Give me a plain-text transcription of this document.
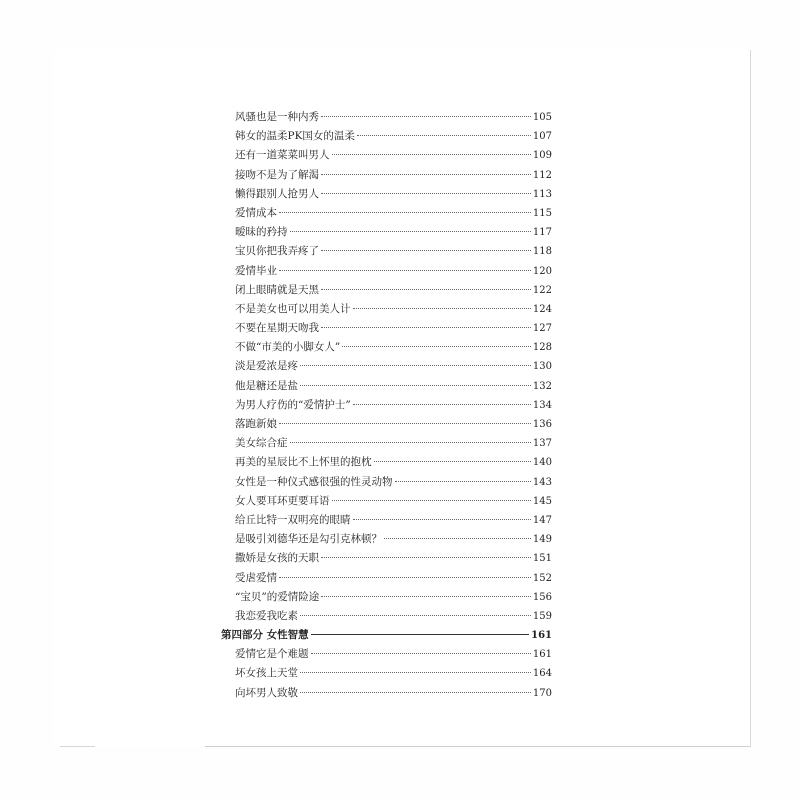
风骚也是一种内秀	105
韩女的温柔PK国女的温柔	107
还有一道菜菜叫男人	109
接吻不是为了解渴	112
懒得跟别人抢男人	113
爱情成本	115
暧昧的矜持	117
宝贝你把我弄疼了	118
爱情毕业	120
闭上眼睛就是天黑	122
不是美女也可以用美人计	124
不要在星期天吻我	127
不做“市美的小脚女人”	128
淡是爱浓是疼	130
他是糖还是盐	132
为男人疗伤的“爱情护士”	134
落跑新娘	136
美女综合症	137
再美的星辰比不上怀里的抱枕	140
女性是一种仪式感很强的性灵动物	143
女人要耳环更要耳语	145
给丘比特一双明亮的眼睛	147
是吸引刘德华还是勾引克林顿？	149
撒娇是女孩的天职	151
受虐爱情	152
“宝贝”的爱情险途	156
我恋爱我吃素	159
第四部分 女性智慧	161
爱情它是个难题	161
坏女孩上天堂	164
向坏男人致敬	170
